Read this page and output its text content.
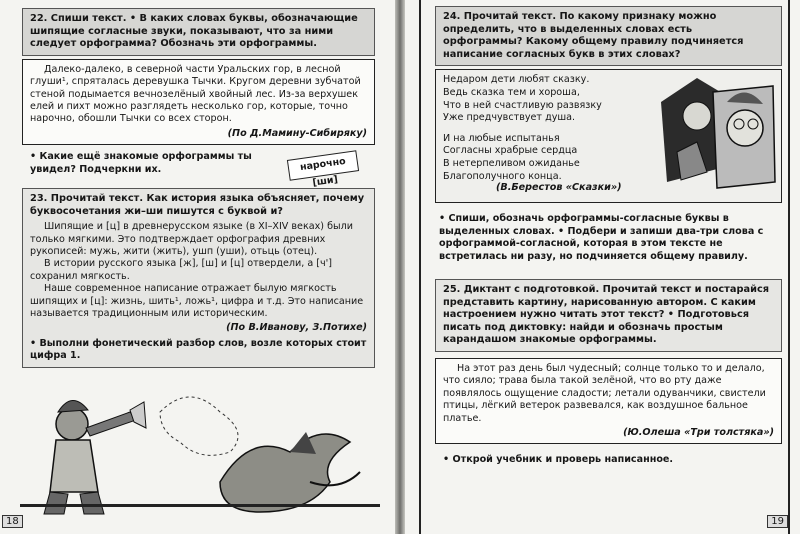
22. Спиши текст. • В каких словах буквы, обозначающие шипящие согласные звуки, показывают, что за ними следует орфограмма? Обозначь эти орфограммы.

Далеко-далеко, в северной части Уральских гор, в лесной глуши¹, спряталась деревушка Тычки. Кругом деревни зубчатой стеной подымается вечнозелёный хвойный лес. Из-за верхушек елей и пихт можно разглядеть несколько гор, которые, точно нарочно, обошли Тычки со всех сторон.

(По Д.Мамину-Сибиряку)

• Какие ещё знакомые орфограммы ты увидел? Подчеркни их.	нарочно [ши]

23. Прочитай текст. Как история языка объясняет, почему буквосочетания жи–ши пишутся с буквой и?

Шипящие и [ц] в древнерусском языке (в XI–XIV веках) были только мягкими. Это подтверждает орфография древних рукописей: мужь, жити (жить), ушп (уши), отьць (отец).

В истории русского языка [ж], [ш] и [ц] отвердели, а [ч'] сохранил мягкость.

Наше современное написание отражает былую мягкость шипящих и [ц]: жизнь, шить¹, ложь¹, цифра и т.д. Это написание называется традиционным или историческим.

(По В.Иванову, З.Потихе)

• Выполни фонетический разбор слов, возле которых стоит цифра 1.

18

24. Прочитай текст. По какому признаку можно определить, что в выделенных словах есть орфограммы? Какому общему правилу подчиняется написание согласных букв в этих словах?

Недаром дети любят сказку.
Ведь сказка тем и хороша,
Что в ней счастливую развязку
Уже предчувствует душа.
И на любые испытанья
Согласны храбрые сердца
В нетерпеливом ожиданье
Благополучного конца.

(В.Берестов «Сказки»)

• Спиши, обозначь орфограммы-согласные буквы в выделенных словах. • Подбери и запиши два-три слова с орфограммой-согласной, которая в этом тексте не встретилась ни разу, но подчиняется общему правилу.

25. Диктант с подготовкой. Прочитай текст и постарайся представить картину, нарисованную автором. С каким настроением нужно читать этот текст? • Подготовься писать под диктовку: найди и обозначь простым карандашом знакомые орфограммы.

На этот раз день был чудесный; солнце только то и делало, что сияло; трава была такой зелёной, что во рту даже появлялось ощущение сладости; летали одуванчики, свистели птицы, лёгкий ветерок развевался, как воздушное бальное платье.

(Ю.Олеша «Три толстяка»)

• Открой учебник и проверь написанное.

19
